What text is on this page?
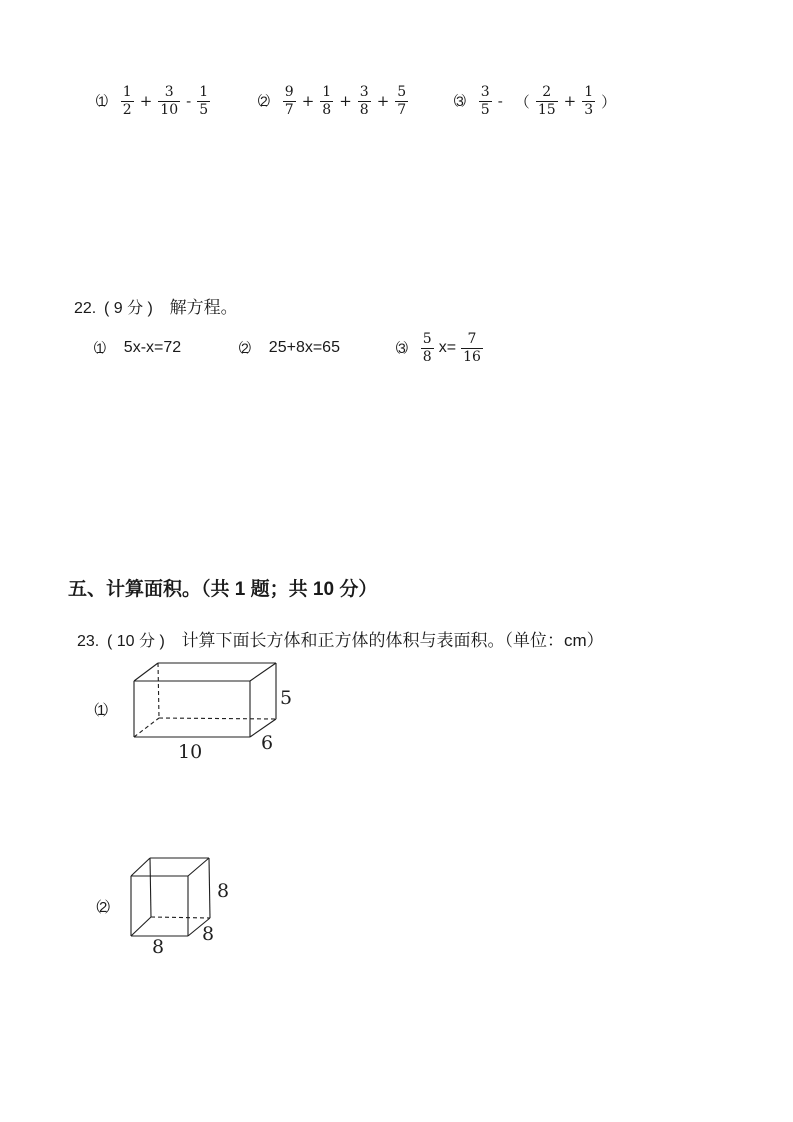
$(1) \frac{1}{2} + \frac{3}{10} - \frac{1}{5}$	$(2) \frac{9}{7} + \frac{1}{8} + \frac{3}{8} + \frac{5}{7}$	$(3) \frac{3}{5}$ - （ $\frac{2}{15} + \frac{1}{3}$ ）
22. ( 9 分 ) 解方程。
（1） 5x-x=72	（2） 25+8x=65	$(3) \frac{5}{8} x= \frac{7}{16}$
五、计算面积。（共 1 题；共 10 分）
23. ( 10 分 ) 计算下面长方体和正方体的体积与表面积。（单位：cm）
（1）
5
6
10
（2）
8
8
8
